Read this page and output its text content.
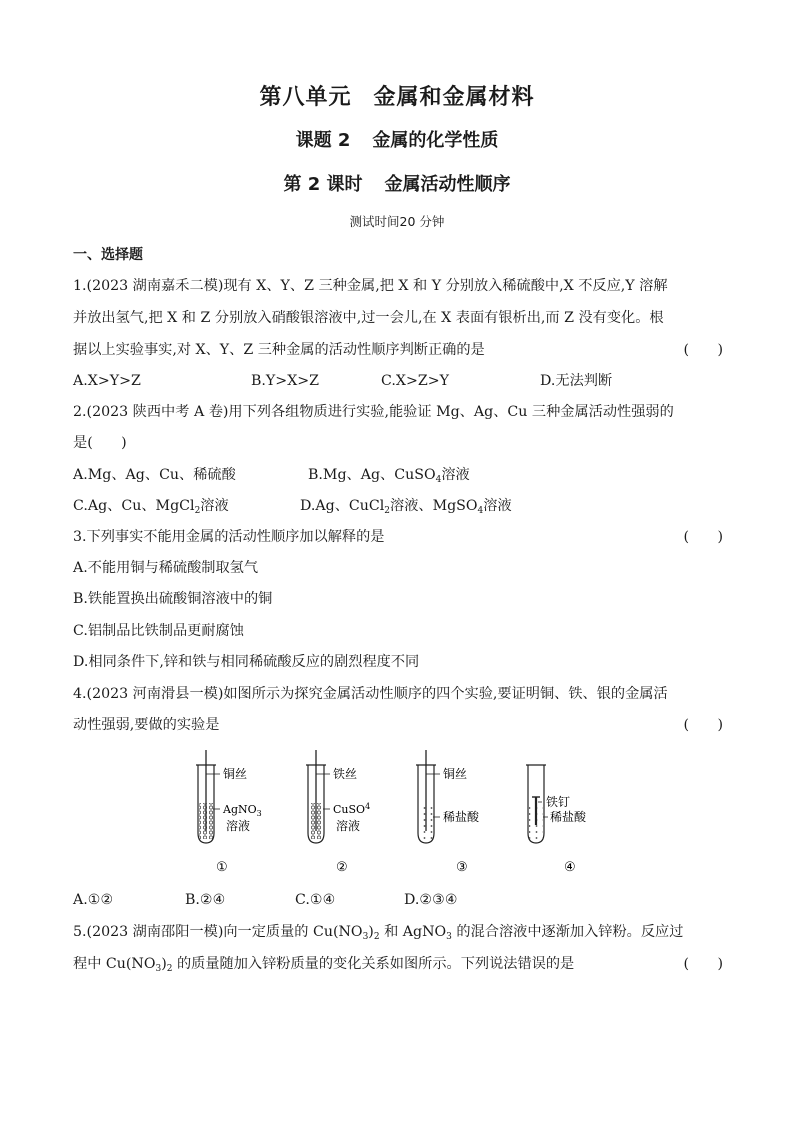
第八单元 金属和金属材料
课题 2 金属的化学性质
第 2 课时 金属活动性顺序
测试时间20 分钟
一、选择题
1.(2023 湖南嘉禾二模)现有 X、Y、Z 三种金属,把 X 和 Y 分别放入稀硫酸中,X 不反应,Y 溶解
并放出氢气,把 X 和 Z 分别放入硝酸银溶液中,过一会儿,在 X 表面有银析出,而 Z 没有变化。根
据以上实验事实,对 X、Y、Z 三种金属的活动性顺序判断正确的是	(　　)
A.X>Y>Z	B.Y>X>Z	C.X>Z>Y	D.无法判断
2.(2023 陕西中考 A 卷)用下列各组物质进行实验,能验证 Mg、Ag、Cu 三种金属活动性强弱的
是(　　)
A.Mg、Ag、Cu、稀硫酸	B.Mg、Ag、CuSO$_4$溶液
C.Ag、Cu、MgCl$_2$溶液	D.Ag、CuCl$_2$溶液、MgSO$_4$溶液
3.下列事实不能用金属的活动性顺序加以解释的是	(　　)
A.不能用铜与稀硫酸制取氢气
B.铁能置换出硫酸铜溶液中的铜
C.铝制品比铁制品更耐腐蚀
D.相同条件下,锌和铁与相同稀硫酸反应的剧烈程度不同
4.(2023 河南滑县一模)如图所示为探究金属活动性顺序的四个实验,要证明铜、铁、银的金属活
动性强弱,要做的实验是	(　　)
铜丝
AgNO$_3$
溶液
①
铁丝
CuSO$^4$
溶液
②
铜丝
稀盐酸
③
铁钉
稀盐酸
④
A.①②	B.②④	C.①④	D.②③④
5.(2023 湖南邵阳一模)向一定质量的 $Cu(NO_3)_2$ 和 AgNO$_3$ 的混合溶液中逐渐加入锌粉。反应过
程中 $Cu(NO_3)_2$ 的质量随加入锌粉质量的变化关系如图所示。下列说法错误的是	(　　)
